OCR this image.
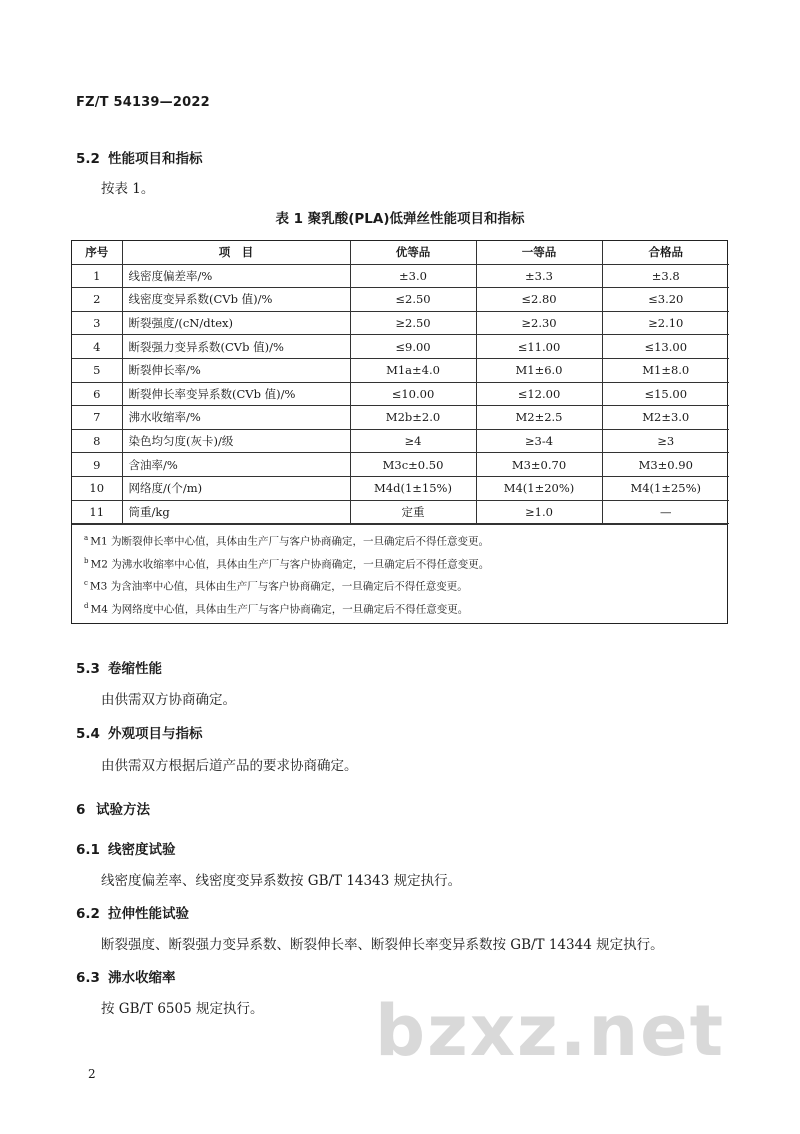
FZ/T 54139—2022
5.2 性能项目和指标
按表 1。
表 1 聚乳酸(PLA)低弹丝性能项目和指标
序号	项　目	优等品	一等品	合格品
1	线密度偏差率/%	±3.0	±3.3	±3.8
2	线密度变异系数(CVb 值)/%	≤2.50	≤2.80	≤3.20
3	断裂强度/(cN/dtex)	≥2.50	≥2.30	≥2.10
4	断裂强力变异系数(CVb 值)/%	≤9.00	≤11.00	≤13.00
5	断裂伸长率/%	M1a±4.0	M1±6.0	M1±8.0
6	断裂伸长率变异系数(CVb 值)/%	≤10.00	≤12.00	≤15.00
7	沸水收缩率/%	M2b±2.0	M2±2.5	M2±3.0
8	染色均匀度(灰卡)/级	≥4	≥3-4	≥3
9	含油率/%	M3c±0.50	M3±0.70	M3±0.90
10	网络度/(个/m)	M4d(1±15%)	M4(1±20%)	M4(1±25%)
11	筒重/kg	定重	≥1.0	—
$^a$ M1 为断裂伸长率中心值，具体由生产厂与客户协商确定，一旦确定后不得任意变更。
$^b$ M2 为沸水收缩率中心值，具体由生产厂与客户协商确定，一旦确定后不得任意变更。
$^c$ M3 为含油率中心值，具体由生产厂与客户协商确定，一旦确定后不得任意变更。
$^d$ M4 为网络度中心值，具体由生产厂与客户协商确定，一旦确定后不得任意变更。
5.3 卷缩性能
由供需双方协商确定。
5.4 外观项目与指标
由供需双方根据后道产品的要求协商确定。
6 试验方法
6.1 线密度试验
线密度偏差率、线密度变异系数按 GB/T 14343 规定执行。
6.2 拉伸性能试验
断裂强度、断裂强力变异系数、断裂伸长率、断裂伸长率变异系数按 GB/T 14344 规定执行。
6.3 沸水收缩率
按 GB/T 6505 规定执行。 bzxz.net
2
